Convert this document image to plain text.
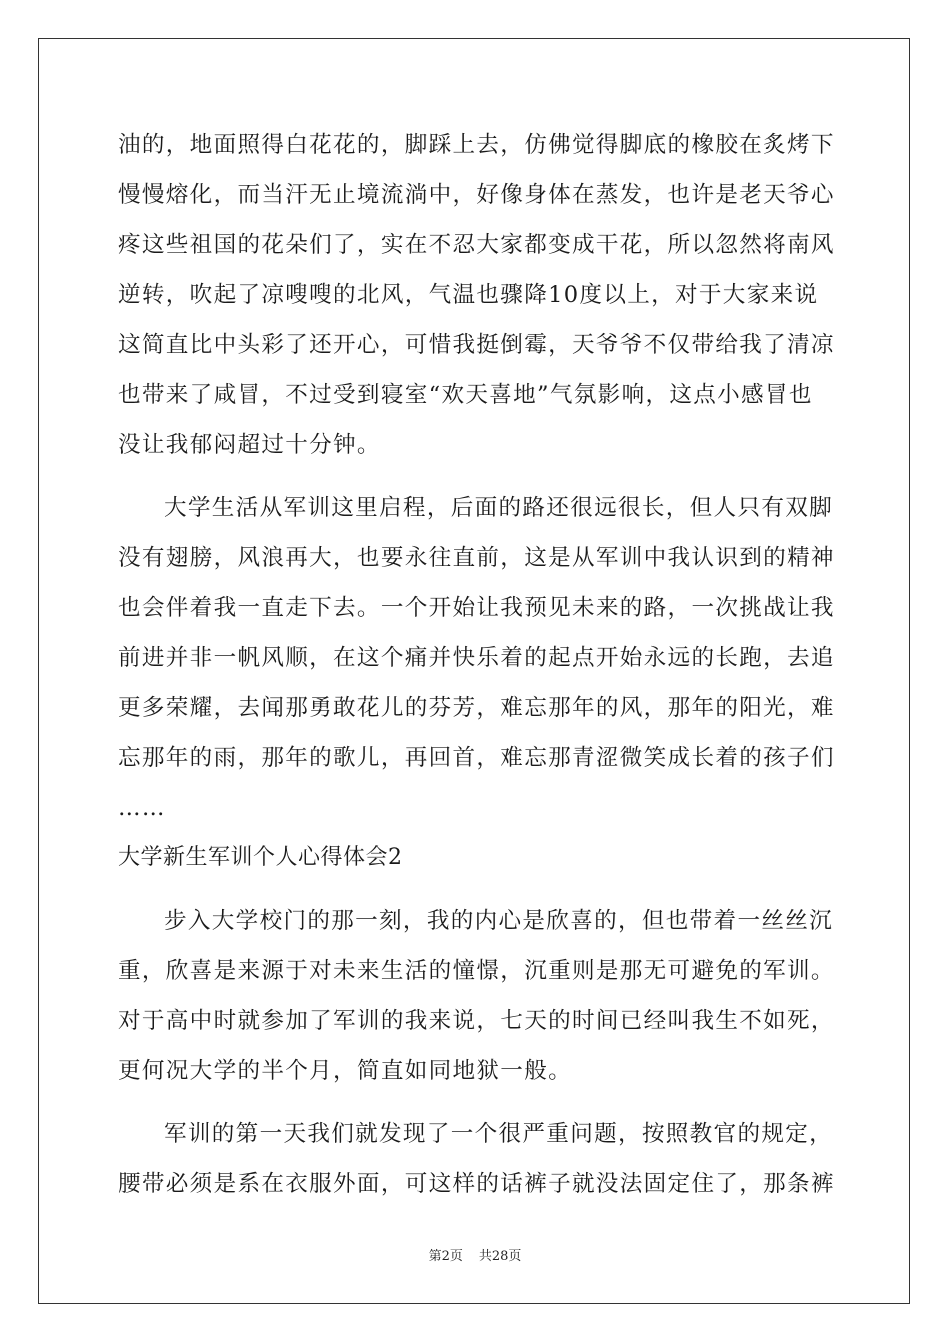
油的，地面照得白花花的，脚踩上去，仿佛觉得脚底的橡胶在炙烤下
慢慢熔化，而当汗无止境流淌中，好像身体在蒸发，也许是老天爷心
疼这些祖国的花朵们了，实在不忍大家都变成干花，所以忽然将南风
逆转，吹起了凉嗖嗖的北风，气温也骤降10度以上，对于大家来说
这简直比中头彩了还开心，可惜我挺倒霉，天爷爷不仅带给我了清凉
也带来了咸冒，不过受到寝室“欢天喜地”气氛影响，这点小感冒也
没让我郁闷超过十分钟。
大学生活从军训这里启程，后面的路还很远很长，但人只有双脚
没有翅膀，风浪再大，也要永往直前，这是从军训中我认识到的精神
也会伴着我一直走下去。一个开始让我预见未来的路，一次挑战让我
前进并非一帆风顺，在这个痛并快乐着的起点开始永远的长跑，去追
更多荣耀，去闻那勇敢花儿的芬芳，难忘那年的风，那年的阳光，难
忘那年的雨，那年的歌儿，再回首，难忘那青涩微笑成长着的孩子们
……
大学新生军训个人心得体会2
步入大学校门的那一刻，我的内心是欣喜的，但也带着一丝丝沉
重，欣喜是来源于对未来生活的憧憬，沉重则是那无可避免的军训。
对于高中时就参加了军训的我来说，七天的时间已经叫我生不如死，
更何况大学的半个月，简直如同地狱一般。
军训的第一天我们就发现了一个很严重问题，按照教官的规定，
腰带必须是系在衣服外面，可这样的话裤子就没法固定住了，那条裤
第2页 共28页
